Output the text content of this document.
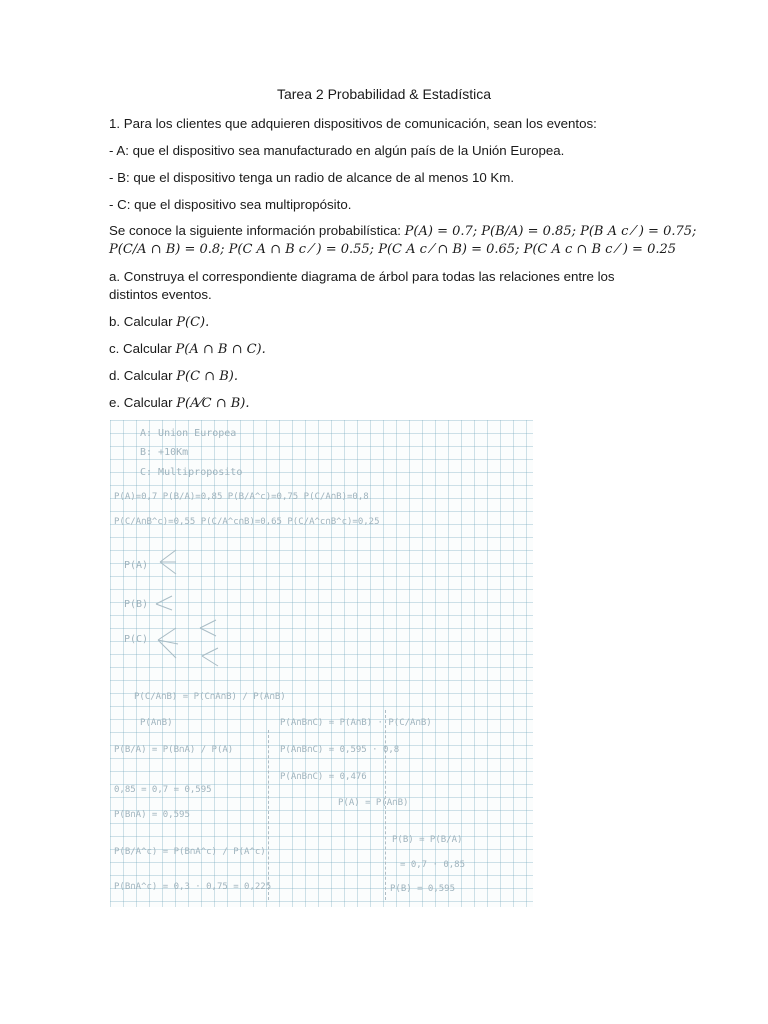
Tarea 2 Probabilidad & Estadística
1. Para los clientes que adquieren dispositivos de comunicación, sean los eventos:
- A: que el dispositivo sea manufacturado en algún país de la Unión Europea.
- B: que el dispositivo tenga un radio de alcance de al menos 10 Km.
- C: que el dispositivo sea multipropósito.
Se conoce la siguiente información probabilística: P(A) = 0.7; P(B/A) = 0.85; P(B A c ⁄ ) = 0.75;
P(C/A ∩ B) = 0.8; P(C A ∩ B c ⁄ ) = 0.55; P(C A c ⁄ ∩ B) = 0.65; P(C A c ∩ B c ⁄ ) = 0.25
a. Construya el correspondiente diagrama de árbol para todas las relaciones entre los distintos eventos.
b. Calcular P(C).
c. Calcular P(A ∩ B ∩ C).
d. Calcular P(C ∩ B).
e. Calcular P(A⁄C ∩ B).
A: Union Europea
B: +10Km
C: Multiproposito
P(A)=0,7 P(B/A)=0,85 P(B/A^c)=0,75 P(C/A∩B)=0,8
P(C/A∩B^c)=0,55 P(C/A^c∩B)=0,65 P(C/A^c∩B^c)=0,25
P(A)
P(B)
P(C)
P(C/A∩B) = P(C∩A∩B) / P(A∩B)
P(A∩B)
P(B/A) = P(B∩A) / P(A)
0,85 = 0,7 = 0,595
P(B∩A) = 0,595
P(B/A^c) = P(B∩A^c) / P(A^c)
P(B∩A^c) = 0,3 · 0,75 = 0,225
P(A∩B∩C) = P(A∩B) · P(C/A∩B)
P(A∩B∩C) = 0,595 · 0,8
P(A∩B∩C) = 0,476
P(A) = P(A∩B)
P(B) = P(B/A)
= 0,7 · 0,85
P(B) = 0,595
